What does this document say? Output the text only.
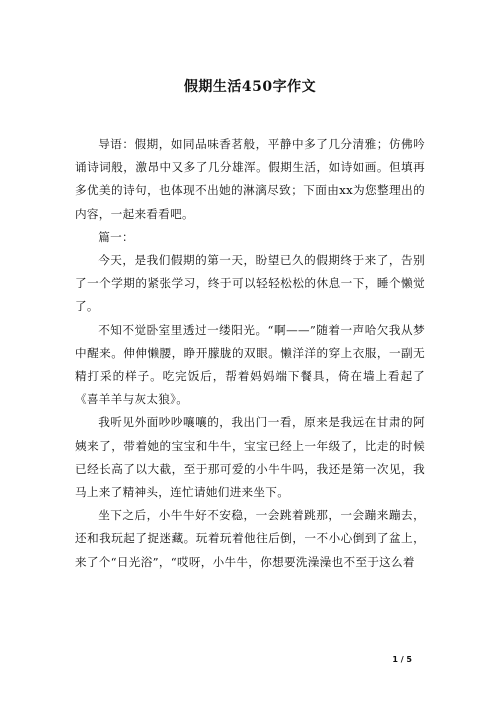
假期生活450字作文

导语：假期，如同品味香茗般，平静中多了几分清雅；仿佛吟诵诗词般，激昂中又多了几分雄浑。假期生活，如诗如画。但填再多优美的诗句，也体现不出她的淋漓尽致；下面由xx为您整理出的内容，一起来看看吧。

篇一：

今天，是我们假期的第一天，盼望已久的假期终于来了，告别了一个学期的紧张学习，终于可以轻轻松松的休息一下，睡个懒觉了。

不知不觉卧室里透过一缕阳光。“啊——”随着一声哈欠我从梦中醒来。伸伸懒腰，睁开朦胧的双眼。懒洋洋的穿上衣服，一副无精打采的样子。吃完饭后，帮着妈妈端下餐具，倚在墙上看起了《喜羊羊与灰太狼》。

我听见外面吵吵嚷嚷的，我出门一看，原来是我远在甘肃的阿姨来了，带着她的宝宝和牛牛，宝宝已经上一年级了，比走的时候已经长高了以大截，至于那可爱的小牛牛吗，我还是第一次见，我马上来了精神头，连忙请她们进来坐下。

坐下之后，小牛牛好不安稳，一会跳着跳那，一会蹦来蹦去，还和我玩起了捉迷藏。玩着玩着他往后倒，一不小心倒到了盆上，来了个“日光浴”，“哎呀，小牛牛，你想要洗澡澡也不至于这么着

1 / 5
